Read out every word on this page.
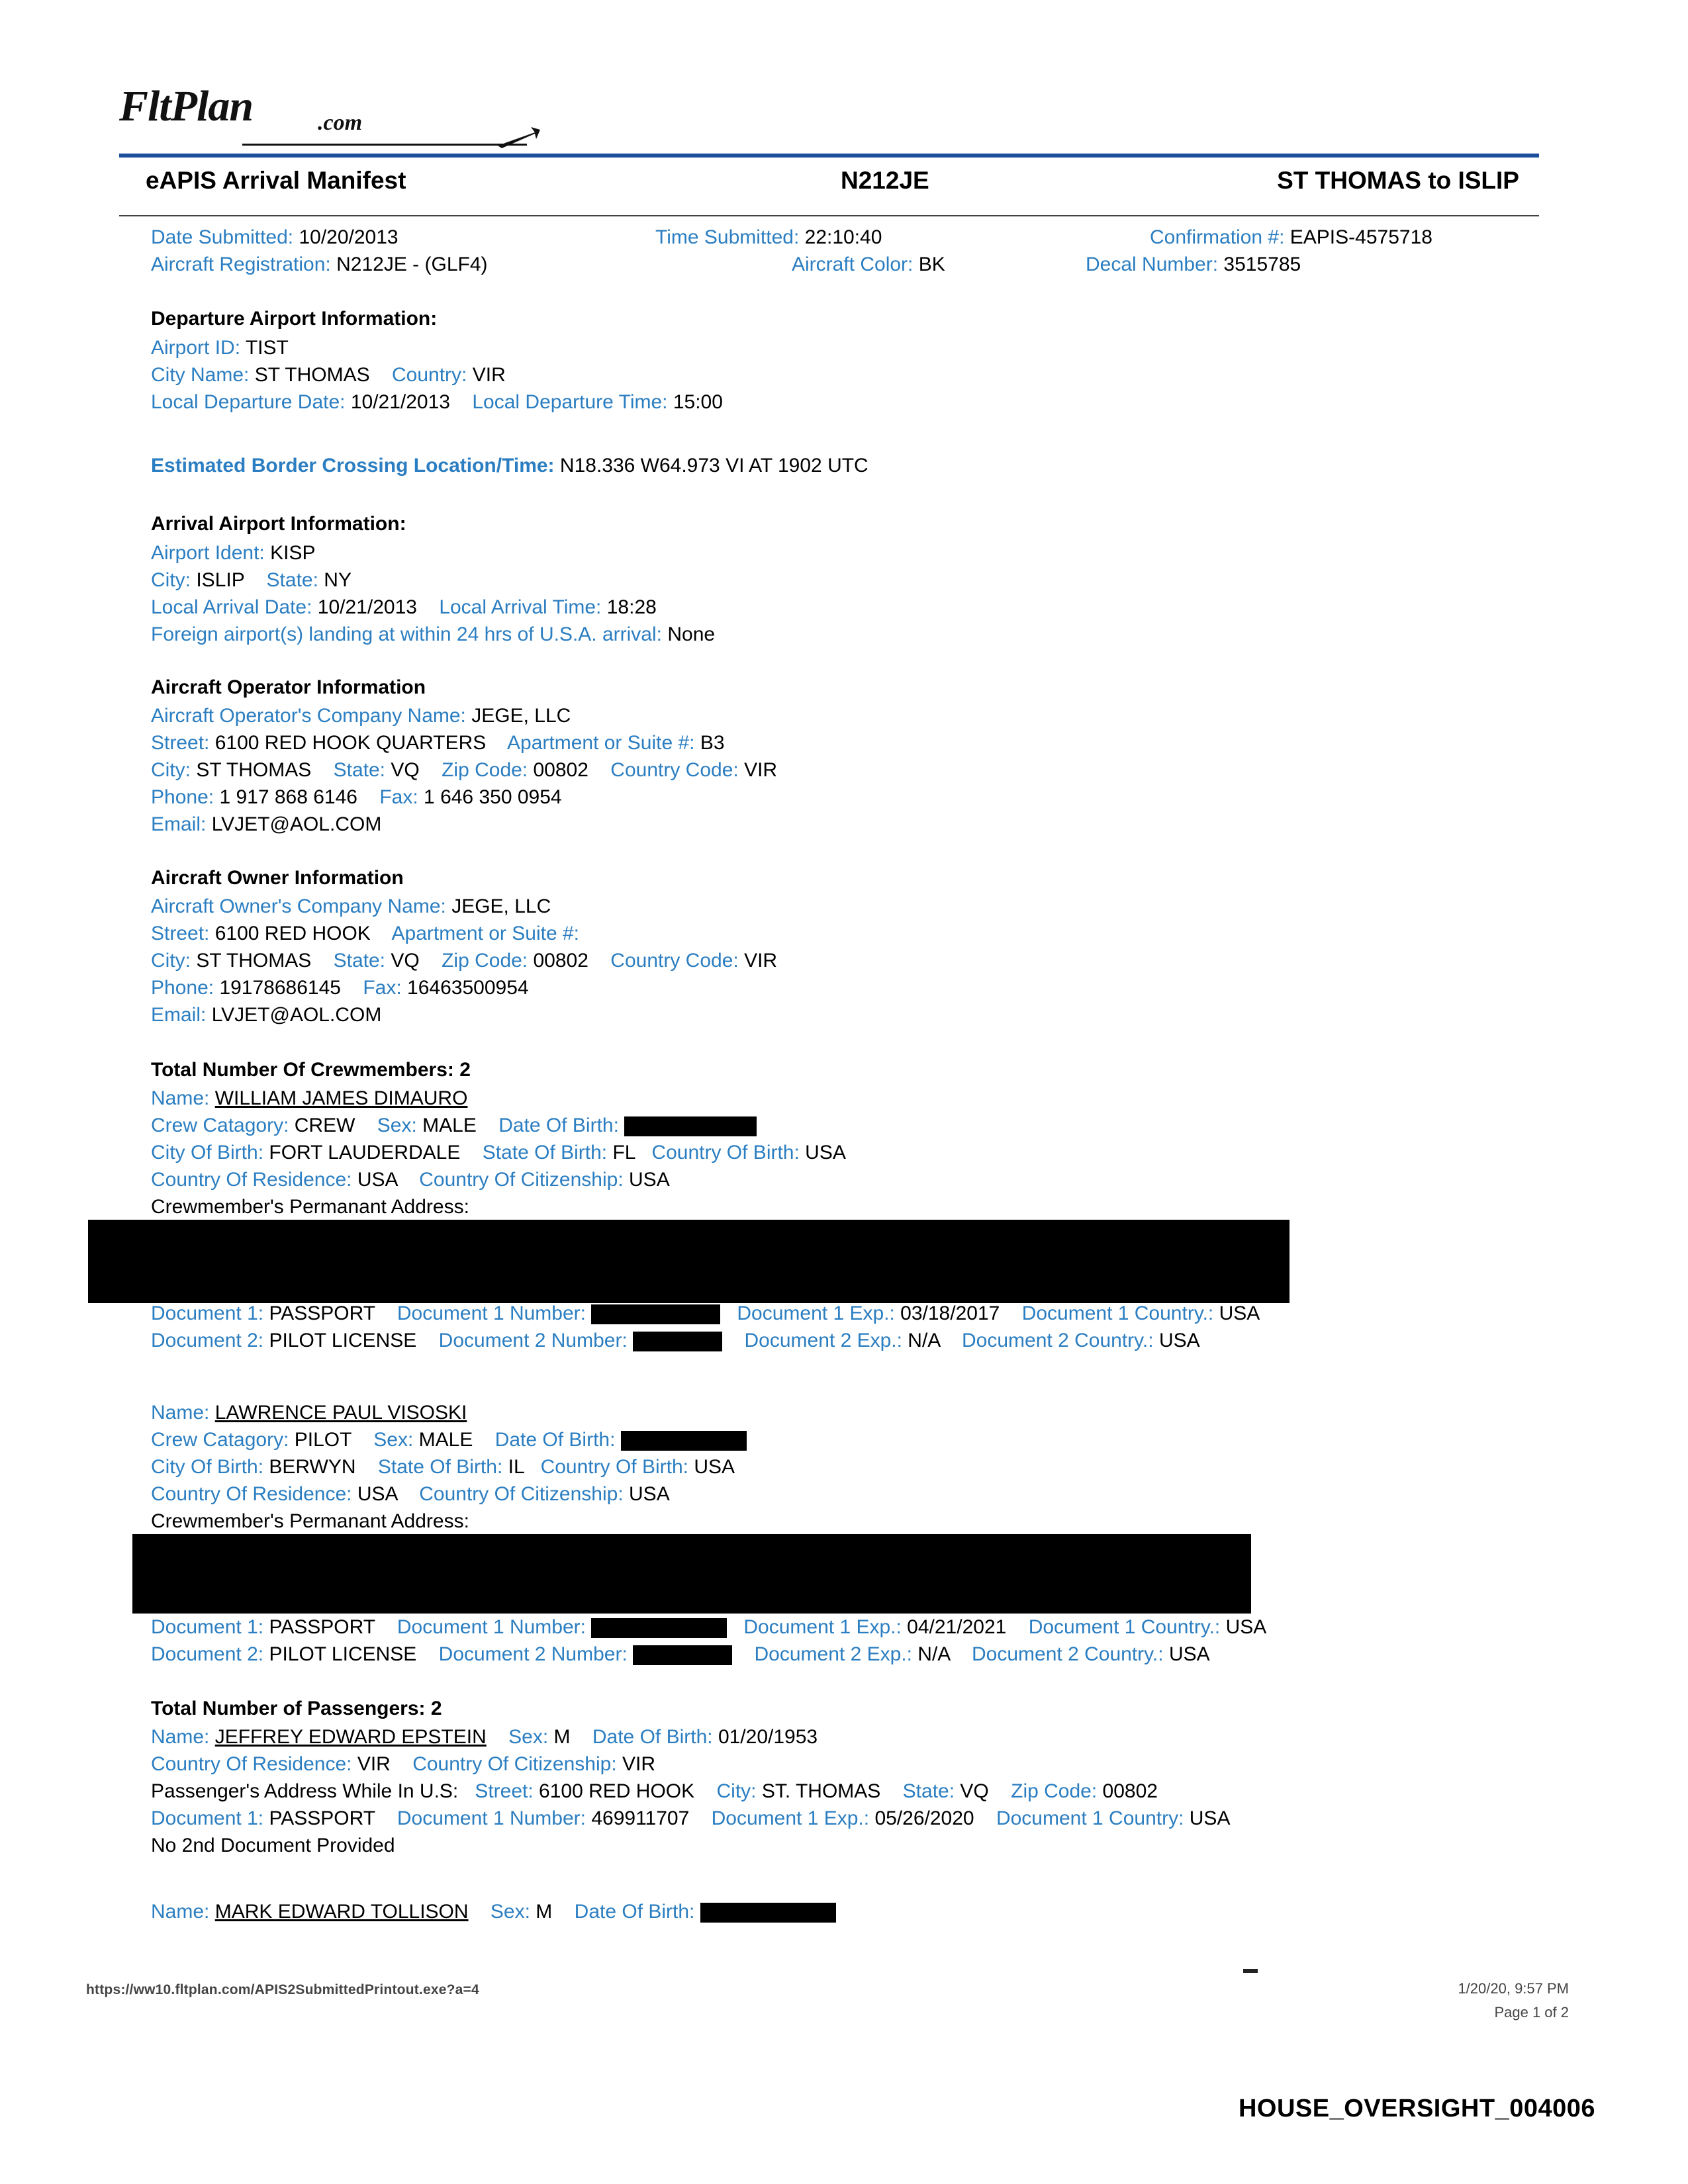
FltPlan	.com
eAPIS Arrival Manifest	N212JE	ST THOMAS to ISLIP
Date Submitted: 10/20/2013	Time Submitted: 22:10:40	Confirmation #: EAPIS-4575718
Aircraft Registration: N212JE - (GLF4)	Aircraft Color: BK	Decal Number: 3515785
Departure Airport Information:
Airport ID: TIST
City Name: ST THOMAS Country: VIR
Local Departure Date: 10/21/2013 Local Departure Time: 15:00
Estimated Border Crossing Location/Time: N18.336 W64.973 VI AT 1902 UTC
Arrival Airport Information:
Airport Ident: KISP
City: ISLIP State: NY
Local Arrival Date: 10/21/2013 Local Arrival Time: 18:28
Foreign airport(s) landing at within 24 hrs of U.S.A. arrival: None
Aircraft Operator Information
Aircraft Operator's Company Name: JEGE, LLC
Street: 6100 RED HOOK QUARTERS Apartment or Suite #: B3
City: ST THOMAS State: VQ Zip Code: 00802 Country Code: VIR
Phone: 1 917 868 6146 Fax: 1 646 350 0954
Email: LVJET@AOL.COM
Aircraft Owner Information
Aircraft Owner's Company Name: JEGE, LLC
Street: 6100 RED HOOK Apartment or Suite #:
City: ST THOMAS State: VQ Zip Code: 00802 Country Code: VIR
Phone: 19178686145 Fax: 16463500954
Email: LVJET@AOL.COM
Total Number Of Crewmembers: 2
Name: WILLIAM JAMES DIMAURO
Crew Catagory: CREW Sex: MALE Date Of Birth:
City Of Birth: FORT LAUDERDALE State Of Birth: FL Country Of Birth: USA
Country Of Residence: USA Country Of Citizenship: USA
Crewmember's Permanant Address:
Document 1: PASSPORT Document 1 Number:	Document 1 Exp.: 03/18/2017 Document 1 Country.: USA
Document 2: PILOT LICENSE Document 2 Number:	Document 2 Exp.: N/A Document 2 Country.: USA
Name: LAWRENCE PAUL VISOSKI
Crew Catagory: PILOT Sex: MALE Date Of Birth:
City Of Birth: BERWYN State Of Birth: IL Country Of Birth: USA
Country Of Residence: USA Country Of Citizenship: USA
Crewmember's Permanant Address:
Document 1: PASSPORT Document 1 Number:	Document 1 Exp.: 04/21/2021 Document 1 Country.: USA
Document 2: PILOT LICENSE Document 2 Number:	Document 2 Exp.: N/A Document 2 Country.: USA
Total Number of Passengers: 2
Name: JEFFREY EDWARD EPSTEIN Sex: M Date Of Birth: 01/20/1953
Country Of Residence: VIR Country Of Citizenship: VIR
Passenger's Address While In U.S: Street: 6100 RED HOOK City: ST. THOMAS State: VQ Zip Code: 00802
Document 1: PASSPORT Document 1 Number: 469911707 Document 1 Exp.: 05/26/2020 Document 1 Country: USA
No 2nd Document Provided
Name: MARK EDWARD TOLLISON Sex: M Date Of Birth:
https://ww10.fltplan.com/APIS2SubmittedPrintout.exe?a=4	1/20/20, 9:57 PM
Page 1 of 2
HOUSE_OVERSIGHT_004006
